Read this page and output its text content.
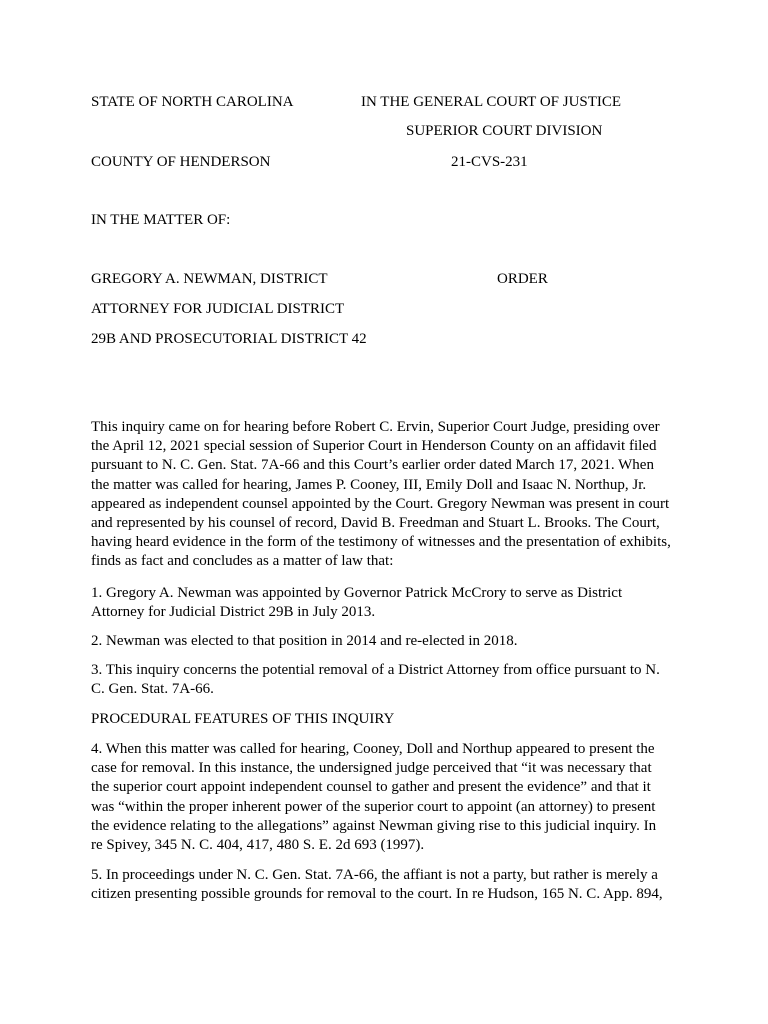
STATE OF NORTH CAROLINA	IN THE GENERAL COURT OF JUSTICE
SUPERIOR COURT DIVISION
COUNTY OF HENDERSON	21-CVS-231
IN THE MATTER OF:
GREGORY A. NEWMAN, DISTRICT	ORDER
ATTORNEY FOR JUDICIAL DISTRICT
29B AND PROSECUTORIAL DISTRICT 42
This inquiry came on for hearing before Robert C. Ervin, Superior Court Judge, presiding over
the April 12, 2021 special session of Superior Court in Henderson County on an affidavit filed
pursuant to N. C. Gen. Stat. 7A-66 and this Court’s earlier order dated March 17, 2021. When
the matter was called for hearing, James P. Cooney, III, Emily Doll and Isaac N. Northup, Jr.
appeared as independent counsel appointed by the Court. Gregory Newman was present in court
and represented by his counsel of record, David B. Freedman and Stuart L. Brooks. The Court,
having heard evidence in the form of the testimony of witnesses and the presentation of exhibits,
finds as fact and concludes as a matter of law that:
1. Gregory A. Newman was appointed by Governor Patrick McCrory to serve as District
Attorney for Judicial District 29B in July 2013.
2. Newman was elected to that position in 2014 and re-elected in 2018.
3. This inquiry concerns the potential removal of a District Attorney from office pursuant to N.
C. Gen. Stat. 7A-66.
PROCEDURAL FEATURES OF THIS INQUIRY
4. When this matter was called for hearing, Cooney, Doll and Northup appeared to present the
case for removal. In this instance, the undersigned judge perceived that “it was necessary that
the superior court appoint independent counsel to gather and present the evidence” and that it
was “within the proper inherent power of the superior court to appoint (an attorney) to present
the evidence relating to the allegations” against Newman giving rise to this judicial inquiry. In
re Spivey, 345 N. C. 404, 417, 480 S. E. 2d 693 (1997).
5. In proceedings under N. C. Gen. Stat. 7A-66, the affiant is not a party, but rather is merely a
citizen presenting possible grounds for removal to the court. In re Hudson, 165 N. C. App. 894,
